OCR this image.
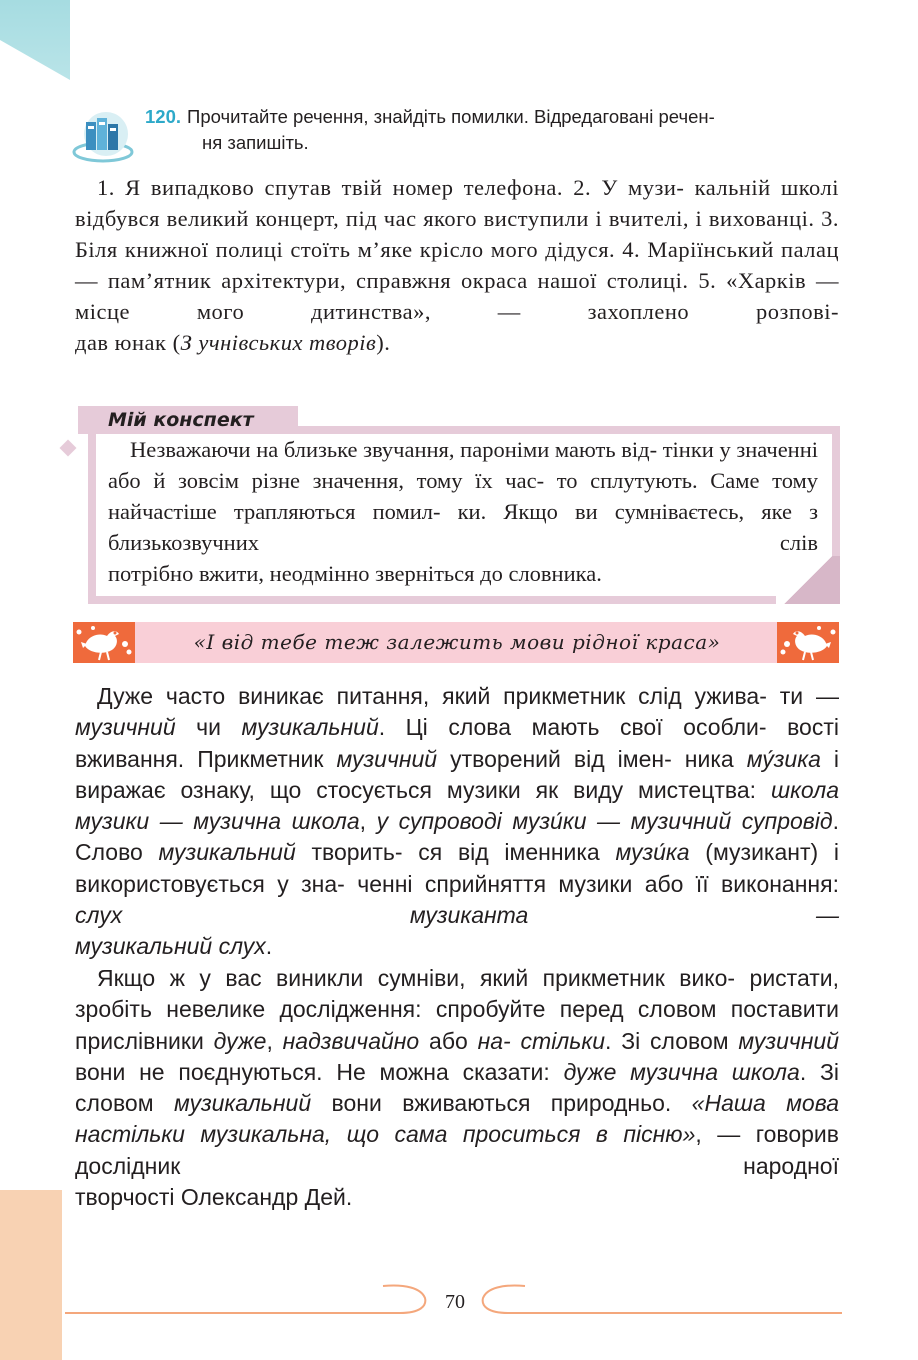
120. Прочитайте речення, знайдіть помилки. Відредаговані речен-
ня запишіть.
1. Я випадково спутав твій номер телефона. 2. У музи- кальній школі відбувся великий концерт, під час якого виступили і вчителі, і вихованці. 3. Біля книжної полиці стоїть м’яке крісло мого дідуся. 4. Маріїнський палац — пам’ятник архітектури, справжня окраса нашої столиці. 5. «Харків — місце мого дитинства», — захоплено розпові-
дав юнак (З учнівських творів).
Мій конспект
Незважаючи на близьке звучання, пароніми мають від- тінки у значенні або й зовсім різне значення, тому їх час- то сплутують. Саме тому найчастіше трапляються помил- ки. Якщо ви сумніваєтесь, яке з близькозвучних слів
потрібно вжити, неодмінно зверніться до словника.
«І від тебе теж залежить мови рідної краса»
Дуже часто виникає питання, який прикметник слід ужива- ти — музичний чи музикальний. Ці слова мають свої особли- вості вживання. Прикметник музичний утворений від імен- ника му́зика і виражає ознаку, що стосується музики як виду мистецтва: школа музики — музична школа, у супроводі музи́ки — музичний супровід. Слово музикальний творить- ся від іменника музи́ка (музикант) і використовується у зна- ченні сприйняття музики або її виконання: слух музиканта —
музикальний слух.
Якщо ж у вас виникли сумніви, який прикметник вико- ристати, зробіть невелике дослідження: спробуйте перед словом поставити прислівники дуже, надзвичайно або на- стільки. Зі словом музичний вони не поєднуються. Не можна сказати: дуже музична школа. Зі словом музикальний вони вживаються природньо. «Наша мова настільки музикальна, що сама проситься в пісню», — говорив дослідник народної
творчості Олександр Дей.
70
